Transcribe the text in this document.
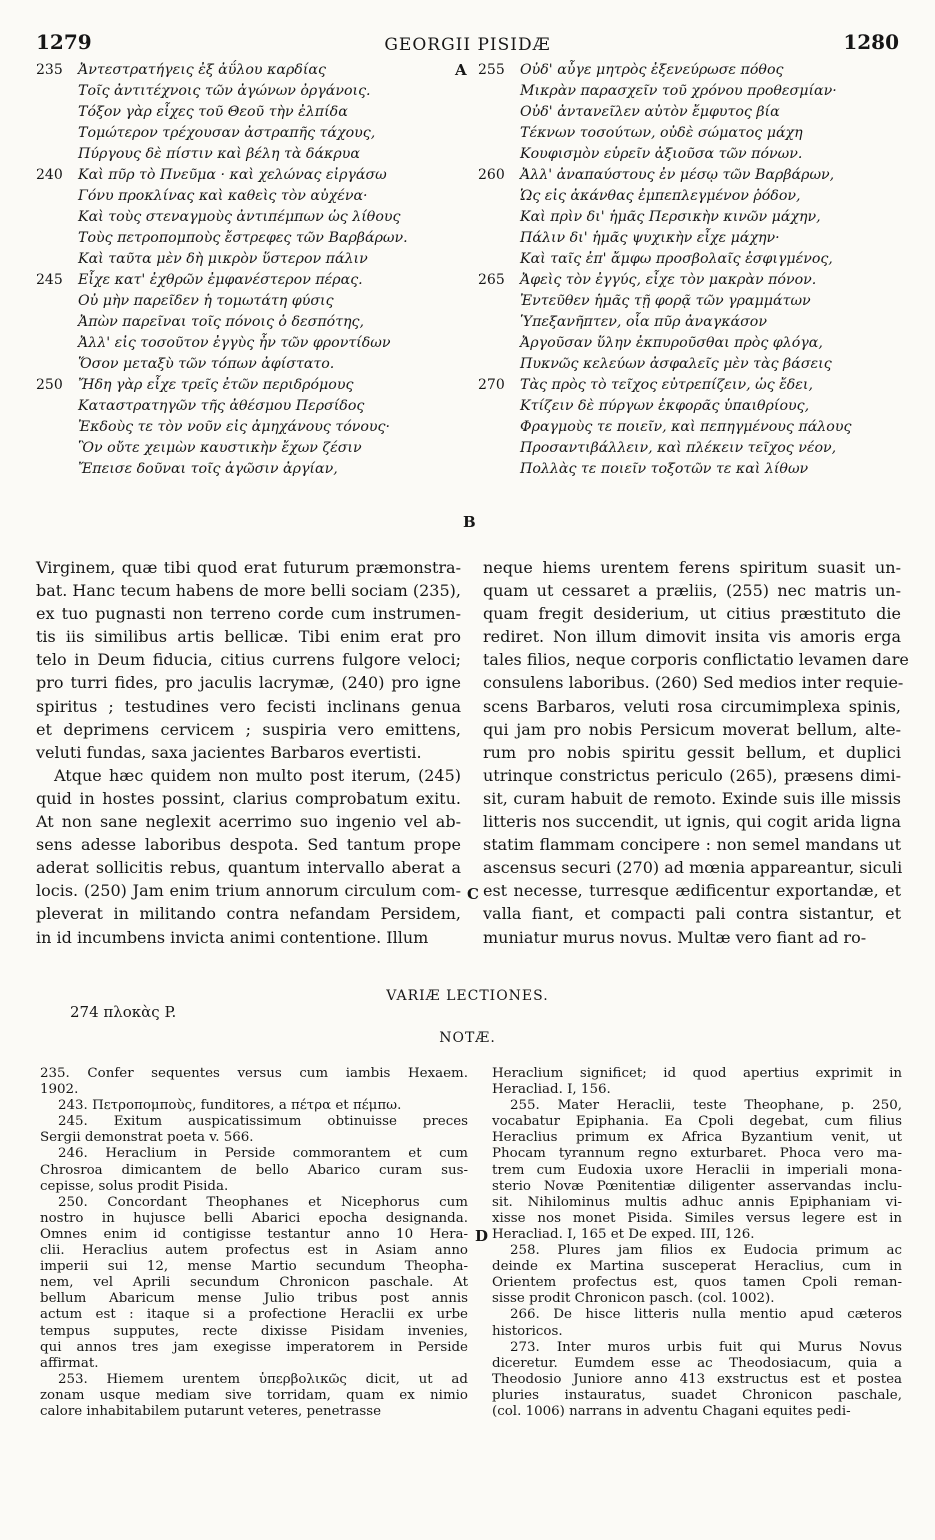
1279	GEORGII PISIDÆ	1280
235 Ἀντεστρατήγεις ἐξ ἀΰλου καρδίας
Τοῖς ἀντιτέχνοις τῶν ἀγώνων ὀργάνοις.
Τόξον γὰρ εἶχες τοῦ Θεοῦ τὴν ἐλπίδα
Τομώτερον τρέχουσαν ἀστραπῆς τάχους,
Πύργους δὲ πίστιν καὶ βέλη τὰ δάκρυα
240 Καὶ πῦρ τὸ Πνεῦμα · καὶ χελώνας εἰργάσω
Γόνυ προκλίνας καὶ καθεὶς τὸν αὐχένα·
Καὶ τοὺς στεναγμοὺς ἀντιπέμπων ὡς λίθους
Τοὺς πετροπομποὺς ἔστρεφες τῶν Βαρβάρων.
Καὶ ταῦτα μὲν δὴ μικρὸν ὕστερον πάλιν
245 Εἶχε κατ' ἐχθρῶν ἐμφανέστερον πέρας.
Οὐ μὴν παρεῖδεν ἡ τομωτάτη φύσις
Ἀπὼν παρεῖναι τοῖς πόνοις ὁ δεσπότης,
Ἀλλ' εἰς τοσοῦτον ἐγγὺς ἦν τῶν φροντίδων
Ὅσον μεταξὺ τῶν τόπων ἀφίστατο.
250 Ἤδη γὰρ εἶχε τρεῖς ἐτῶν περιδρόμους
Καταστρατηγῶν τῆς ἀθέσμου Περσίδος
Ἐκδοὺς τε τὸν νοῦν εἰς ἀμηχάνους τόνους·
Ὃν οὔτε χειμὼν καυστικὴν ἔχων ζέσιν
Ἔπεισε δοῦναι τοῖς ἀγῶσιν ἀργίαν,
255 Οὐδ' αὖγε μητρὸς ἐξενεύρωσε πόθος
Μικρὰν παρασχεῖν τοῦ χρόνου προθεσμίαν·
Οὐδ' ἀντανεῖλεν αὐτὸν ἔμφυτος βία
Τέκνων τοσούτων, οὐδὲ σώματος μάχη
Κουφισμὸν εὑρεῖν ἀξιοῦσα τῶν πόνων.
260 Ἀλλ' ἀναπαύστους ἐν μέσῳ τῶν Βαρβάρων,
Ὡς εἰς ἀκάνθας ἐμπεπλεγμένον ῥόδον,
Καὶ πρὶν δι' ἡμᾶς Περσικὴν κινῶν μάχην,
Πάλιν δι' ἡμᾶς ψυχικὴν εἶχε μάχην·
Καὶ ταῖς ἐπ' ἄμφω προσβολαῖς ἐσφιγμένος,
265 Ἀφεὶς τὸν ἐγγύς, εἶχε τὸν μακρὰν πόνον.
Ἐντεῦθεν ἡμᾶς τῇ φορᾷ τῶν γραμμάτων
Ὑπεξανῆπτεν, οἷα πῦρ ἀναγκάσον
Ἀργοῦσαν ὕλην ἐκπυροῦσθαι πρὸς φλόγα,
Πυκνῶς κελεύων ἀσφαλεῖς μὲν τὰς βάσεις
270 Τὰς πρὸς τὸ τεῖχος εὐτρεπίζειν, ὡς ἔδει,
Κτίζειν δὲ πύργων ἐκφορᾶς ὑπαιθρίους,
Φραγμοὺς τε ποιεῖν, καὶ πεπηγμένους πάλους
Προσαντιβάλλειν, καὶ πλέκειν τεῖχος νέον,
Πολλὰς τε ποιεῖν τοξοτῶν τε καὶ λίθων
A
B
C
D
Virginem, quæ tibi quod erat futurum præmonstra-
bat. Hanc tecum habens de more belli sociam (235),
ex tuo pugnasti non terreno corde cum instrumen-
tis iis similibus artis bellicæ. Tibi enim erat pro
telo in Deum fiducia, citius currens fulgore veloci;
pro turri fides, pro jaculis lacrymæ, (240) pro igne
spiritus ; testudines vero fecisti inclinans genua
et deprimens cervicem ; suspiria vero emittens,
veluti fundas, saxa jacientes Barbaros evertisti.
Atque hæc quidem non multo post iterum, (245)
quid in hostes possint, clarius comprobatum exitu.
At non sane neglexit acerrimo suo ingenio vel ab-
sens adesse laboribus despota. Sed tantum prope
aderat sollicitis rebus, quantum intervallo aberat a
locis. (250) Jam enim trium annorum circulum com-
pleverat in militando contra nefandam Persidem,
in id incumbens invicta animi contentione. Illum
neque hiems urentem ferens spiritum suasit un-
quam ut cessaret a præliis, (255) nec matris un-
quam fregit desiderium, ut citius præstituto die
rediret. Non illum dimovit insita vis amoris erga
tales filios, neque corporis conflictatio levamen dare
consulens laboribus. (260) Sed medios inter requie-
scens Barbaros, veluti rosa circumimplexa spinis,
qui jam pro nobis Persicum moverat bellum, alte-
rum pro nobis spiritu gessit bellum, et duplici
utrinque constrictus periculo (265), præsens dimi-
sit, curam habuit de remoto. Exinde suis ille missis
litteris nos succendit, ut ignis, qui cogit arida ligna
statim flammam concipere : non semel mandans ut
ascensus securi (270) ad mœnia appareantur, siculi
est necesse, turresque ædificentur exportandæ, et
valla fiant, et compacti pali contra sistantur, et
muniatur murus novus. Multæ vero fiant ad ro-
VARIÆ LECTIONES.
274 πλοκὰς P.
NOTÆ.
235. Confer sequentes versus cum iambis Hexaem.
1902.
243. Πετροπομποὺς, funditores, a πέτρα et πέμπω.
245. Exitum auspicatissimum obtinuisse preces
Sergii demonstrat poeta v. 566.
246. Heraclium in Perside commorantem et cum
Chrosroa dimicantem de bello Abarico curam sus-
cepisse, solus prodit Pisida.
250. Concordant Theophanes et Nicephorus cum
nostro in hujusce belli Abarici epocha designanda.
Omnes enim id contigisse testantur anno 10 Hera-
clii. Heraclius autem profectus est in Asiam anno
imperii sui 12, mense Martio secundum Theopha-
nem, vel Aprili secundum Chronicon paschale. At
bellum Abaricum mense Julio tribus post annis
actum est : itaque si a profectione Heraclii ex urbe
tempus supputes, recte dixisse Pisidam invenies,
qui annos tres jam exegisse imperatorem in Perside
affirmat.
253. Hiemem urentem ὑπερβολικῶς dicit, ut ad
zonam usque mediam sive torridam, quam ex nimio
calore inhabitabilem putarunt veteres, penetrasse
Heraclium significet; id quod apertius exprimit in
Heracliad. I, 156.
255. Mater Heraclii, teste Theophane, p. 250,
vocabatur Epiphania. Ea Cpoli degebat, cum filius
Heraclius primum ex Africa Byzantium venit, ut
Phocam tyrannum regno exturbaret. Phoca vero ma-
trem cum Eudoxia uxore Heraclii in imperiali mona-
sterio Novæ Pœnitentiæ diligenter asservandas inclu-
sit. Nihilominus multis adhuc annis Epiphaniam vi-
xisse nos monet Pisida. Similes versus legere est in
Heracliad. I, 165 et De exped. III, 126.
258. Plures jam filios ex Eudocia primum ac
deinde ex Martina susceperat Heraclius, cum in
Orientem profectus est, quos tamen Cpoli reman-
sisse prodit Chronicon pasch. (col. 1002).
266. De hisce litteris nulla mentio apud cæteros
historicos.
273. Inter muros urbis fuit qui Murus Novus
diceretur. Eumdem esse ac Theodosiacum, quia a
Theodosio Juniore anno 413 exstructus est et postea
pluries instauratus, suadet Chronicon paschale,
(col. 1006) narrans in adventu Chagani equites pedi-
